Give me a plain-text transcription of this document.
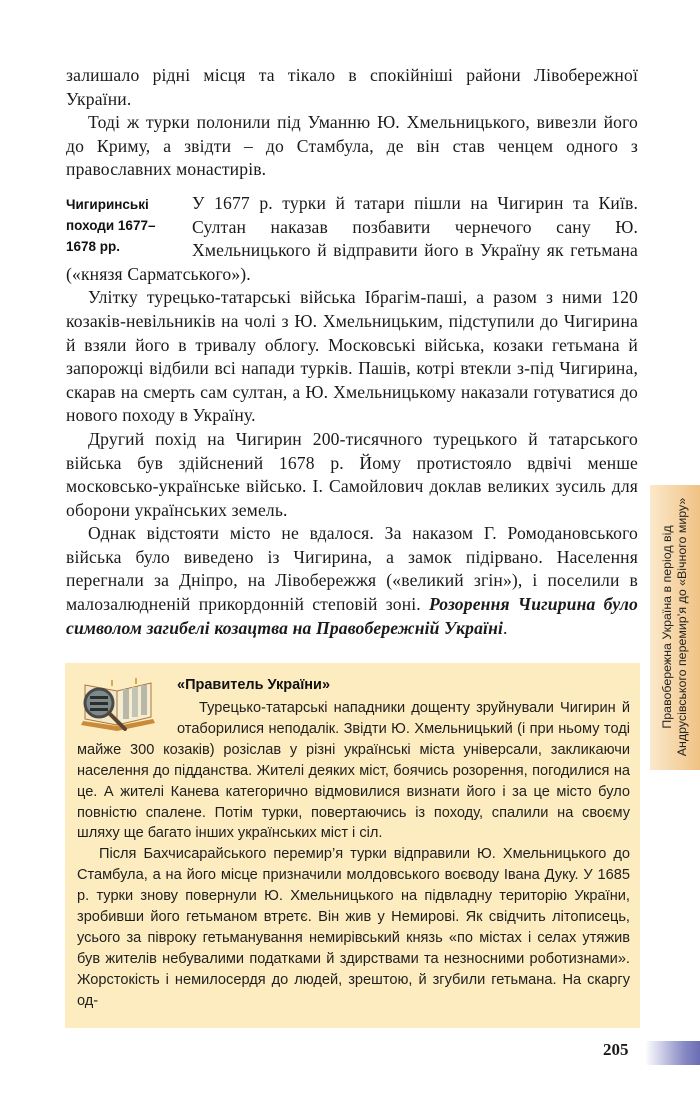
залишало рідні місця та тікало в спокійніші райони Лівобережної України.

Тоді ж турки полонили під Уманню Ю. Хмельницького, вивезли його до Криму, а звідти – до Стамбула, де він став ченцем одного з православних монастирів.

Чигиринські походи 1677–1678 рр.

У 1677 р. турки й татари пішли на Чигирин та Київ. Султан наказав позбавити чернечого сану Ю. Хмельницького й відправити його в Україну як гетьмана («князя Сарматського»).

Улітку турецько-татарські війська Ібрагім-паші, а разом з ними 120 козаків-невільників на чолі з Ю. Хмельницьким, підступили до Чигирина й взяли його в тривалу облогу. Московські війська, козаки гетьмана й запорожці відбили всі напади турків. Пашів, котрі втекли з-під Чигирина, скарав на смерть сам султан, а Ю. Хмельницькому наказали готуватися до нового походу в Україну.

Другий похід на Чигирин 200-тисячного турецького й татарського війська був здійснений 1678 р. Йому протистояло вдвічі менше московсько-українське військо. І. Самойлович доклав великих зусиль для оборони українських земель.

Однак відстояти місто не вдалося. За наказом Г. Ромодановського війська було виведено із Чигирина, а замок підірвано. Населення перегнали за Дніпро, на Лівобережжя («великий згін»), і поселили в малозалюдненій прикордонній степовій зоні. Розорення Чигирина було символом загибелі козацтва на Правобережній Україні.

«Правитель України»

Турецько-татарські нападники дощенту зруйнували Чигирин й отаборилися неподалік. Звідти Ю. Хмельницький (і при ньому тоді майже 300 козаків) розіслав у різні українські міста універсали, закликаючи населення до підданства. Жителі деяких міст, боячись розорення, погодилися на це. А жителі Канева категорично відмовилися визнати його і за це місто було повністю спалене. Потім турки, повертаючись із походу, спалили на своєму шляху ще багато інших українських міст і сіл.

Після Бахчисарайського перемир’я турки відправили Ю. Хмельницького до Стамбула, а на його місце призначили молдовського воєводу Івана Дуку. У 1685 р. турки знову повернули Ю. Хмельницького на підвладну територію України, зробивши його гетьманом втретє. Він жив у Немирові. Як свідчить літописець, усього за півроку гетьманування немирівський князь «по містах і селах утяжив був жителів небувалими податками й здирствами та незносними роботизнами». Жорстокість і немилосердя до людей, зрештою, й згубили гетьмана. На скаргу од-

Правобережна Україна в період від Андрусівського перемир’я до «Вічного миру»
205
